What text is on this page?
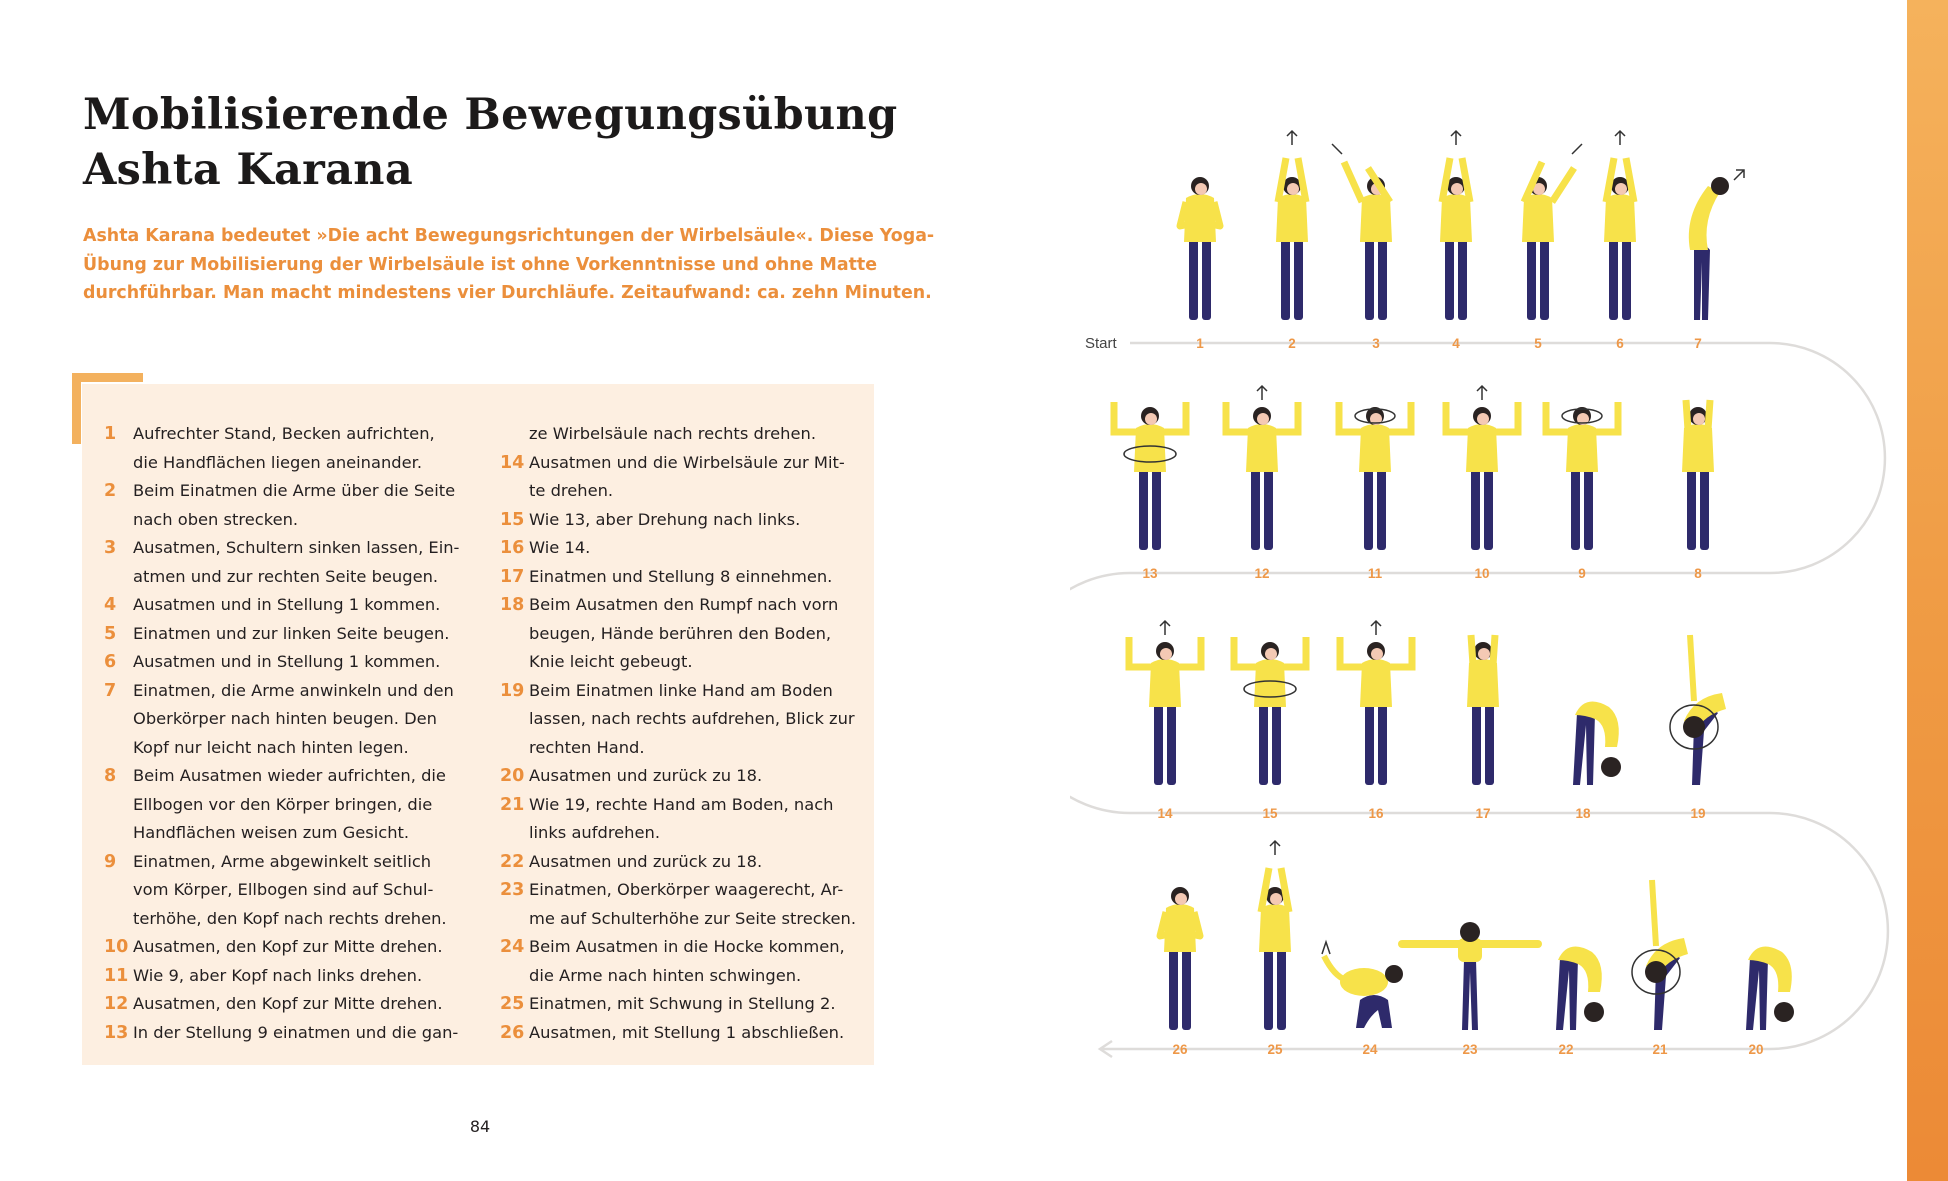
Mobilisierende Bewegungsübung
Ashta Karana

Ashta Karana bedeutet »Die acht Bewegungsrichtungen der Wirbelsäule«. Diese Yoga-
Übung zur Mobilisierung der Wirbelsäule ist ohne Vorkenntnisse und ohne Matte
durchführbar. Man macht mindestens vier Durchläufe. Zeitaufwand: ca. zehn Minuten.

1 Aufrechter Stand, Becken aufrichten,
die Handflächen liegen aneinander.
2 Beim Einatmen die Arme über die Seite
nach oben strecken.
3 Ausatmen, Schultern sinken lassen, Ein-
atmen und zur rechten Seite beugen.
4 Ausatmen und in Stellung 1 kommen.
5 Einatmen und zur linken Seite beugen.
6 Ausatmen und in Stellung 1 kommen.
7 Einatmen, die Arme anwinkeln und den
Oberkörper nach hinten beugen. Den
Kopf nur leicht nach hinten legen.
8 Beim Ausatmen wieder aufrichten, die
Ellbogen vor den Körper bringen, die
Handflächen weisen zum Gesicht.
9 Einatmen, Arme abgewinkelt seitlich
vom Körper, Ellbogen sind auf Schul-
terhöhe, den Kopf nach rechts drehen.
10 Ausatmen, den Kopf zur Mitte drehen.
11 Wie 9, aber Kopf nach links drehen.
12 Ausatmen, den Kopf zur Mitte drehen.
13 In der Stellung 9 einatmen und die gan-
ze Wirbelsäule nach rechts drehen.
14 Ausatmen und die Wirbelsäule zur Mit-
te drehen.
15 Wie 13, aber Drehung nach links.
16 Wie 14.
17 Einatmen und Stellung 8 einnehmen.
18 Beim Ausatmen den Rumpf nach vorn
beugen, Hände berühren den Boden,
Knie leicht gebeugt.
19 Beim Einatmen linke Hand am Boden
lassen, nach rechts aufdrehen, Blick zur
rechten Hand.
20 Ausatmen und zurück zu 18.
21 Wie 19, rechte Hand am Boden, nach
links aufdrehen.
22 Ausatmen und zurück zu 18.
23 Einatmen, Oberkörper waagerecht, Ar-
me auf Schulterhöhe zur Seite strecken.
24 Beim Ausatmen in die Hocke kommen,
die Arme nach hinten schwingen.
25 Einatmen, mit Schwung in Stellung 2.
26 Ausatmen, mit Stellung 1 abschließen.
84
Start	1	2	3	4	5	6	7
13	12	11	10	9	8
14	15	16	17	18	19
26	25	24	23	22	21	20
